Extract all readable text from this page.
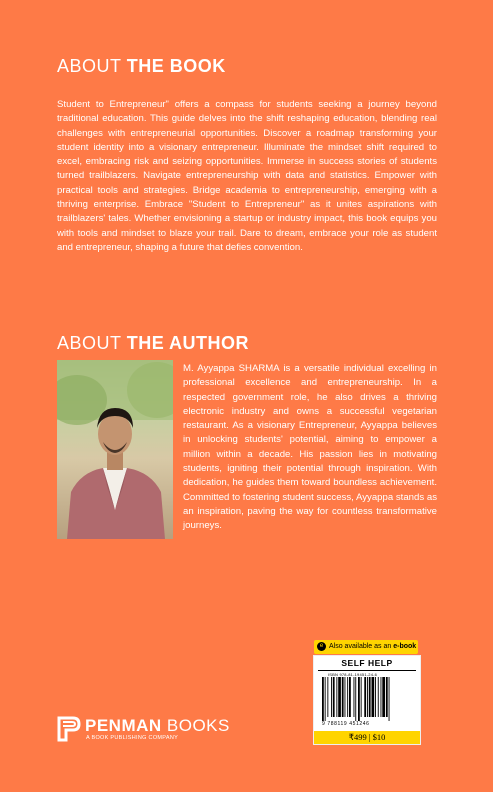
ABOUT THE BOOK
Student to Entrepreneur" offers a compass for students seeking a journey beyond traditional education. This guide delves into the shift reshaping education, blending real challenges with entrepreneurial opportunities. Discover a roadmap transforming your student identity into a visionary entrepreneur. Illuminate the mindset shift required to excel, embracing risk and seizing opportunities. Immerse in success stories of students turned trailblazers. Navigate entrepreneurship with data and statistics. Empower with practical tools and strategies. Bridge academia to entrepreneurship, emerging with a thriving enterprise. Embrace "Student to Entrepreneur" as it unites aspirations with trailblazers' tales. Whether envisioning a startup or industry impact, this book equips you with tools and mindset to blaze your trail. Dare to dream, embrace your role as student and entrepreneur, shaping a future that defies convention.
ABOUT THE AUTHOR
M. Ayyappa SHARMA is a versatile individual excelling in professional excellence and entrepreneurship. In a respected government role, he also drives a thriving electronic industry and owns a successful vegetarian restaurant. As a visionary Entrepreneur, Ayyappa believes in unlocking students' potential, aiming to empower a million within a decade. His passion lies in motivating students, igniting their potential through inspiration. With dedication, he guides them toward boundless achievement. Committed to fostering student success, Ayyappa stands as an inspiration, paving the way for countless transformative journeys.
PENMAN BOOKS
A BOOK PUBLISHING COMPANY
e Also available as an e-book
SELF HELP
ISBN 978-81-19451-24-6
9 788119 451246
₹499 | $10
